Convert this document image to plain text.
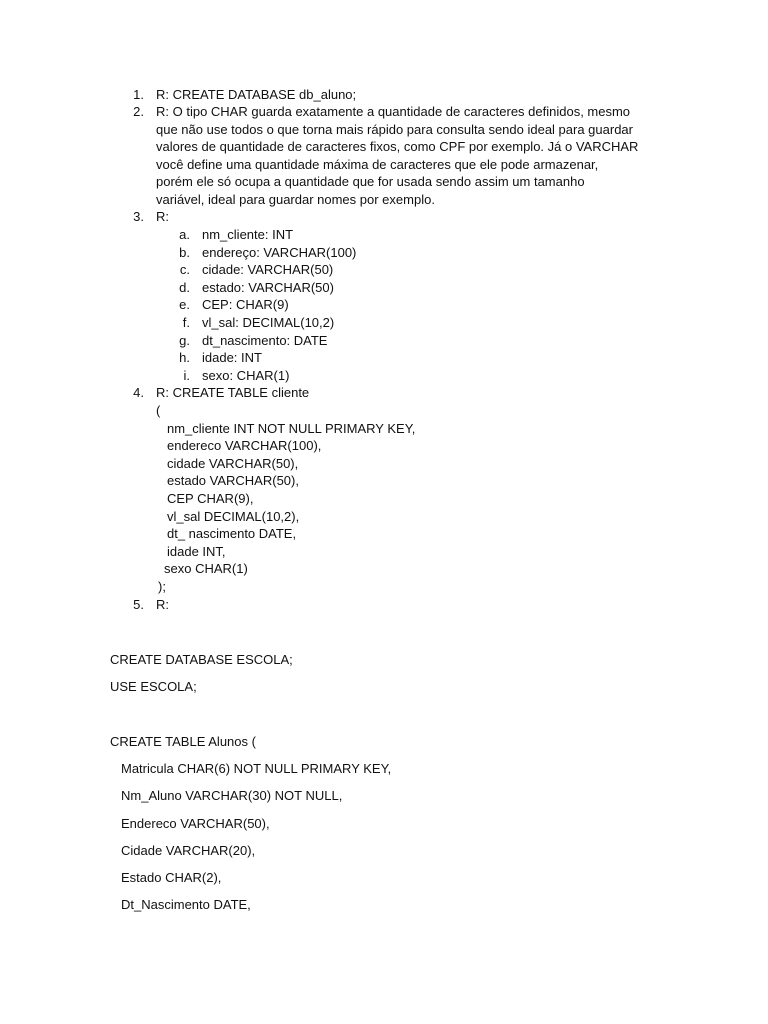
1. R: CREATE DATABASE db_aluno;
2. R: O tipo CHAR guarda exatamente a quantidade de caracteres definidos, mesmo
que não use todos o que torna mais rápido para consulta sendo ideal para guardar
valores de quantidade de caracteres fixos, como CPF por exemplo. Já o VARCHAR
você define uma quantidade máxima de caracteres que ele pode armazenar,
porém ele só ocupa a quantidade que for usada sendo assim um tamanho
variável, ideal para guardar nomes por exemplo.
3. R:
a. nm_cliente: INT
b. endereço: VARCHAR(100)
c. cidade: VARCHAR(50)
d. estado: VARCHAR(50)
e. CEP: CHAR(9)
f. vl_sal: DECIMAL(10,2)
g. dt_nascimento: DATE
h. idade: INT
i. sexo: CHAR(1)
4. R: CREATE TABLE cliente
(
nm_cliente INT NOT NULL PRIMARY KEY,
endereco VARCHAR(100),
cidade VARCHAR(50),
estado VARCHAR(50),
CEP CHAR(9),
vl_sal DECIMAL(10,2),
dt_ nascimento DATE,
idade INT,
sexo CHAR(1)
);
5. R:
CREATE DATABASE ESCOLA;
USE ESCOLA;
CREATE TABLE Alunos (
Matricula CHAR(6) NOT NULL PRIMARY KEY,
Nm_Aluno VARCHAR(30) NOT NULL,
Endereco VARCHAR(50),
Cidade VARCHAR(20),
Estado CHAR(2),
Dt_Nascimento DATE,
